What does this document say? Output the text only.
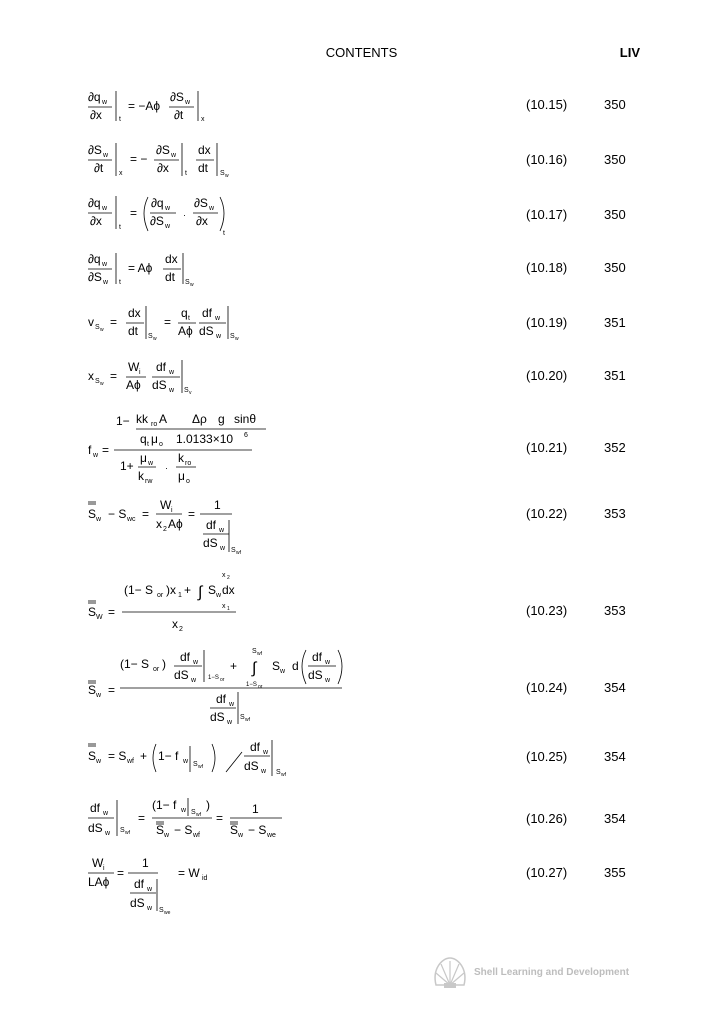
CONTENTS	LIV
∂q w
∂x t
= −Aϕ
∂S w
∂t	x
(10.15)	350
∂S w
∂t x
= −
∂S w
∂x t
dx
dt S w
(10.16)	350
∂q w
∂x t
=
∂q w
∂S w
·
∂S w
∂x
t
(10.17)	350
∂q w
∂S w t
= Aϕ
dx
dt S w
(10.18)	350
v S w
=
dx
dt S w
=
q t
Aϕ
df w
dS w S w
(10.19)	351
x S w
=
W i
Aϕ
df w
dS w S v
(10.20)	351
1− kk ro A Δρ g sinθ
q t μ o 1.0133×10 6
f w =
1+
μ w
k rw
·
k ro
μ o
(10.21)	352
S w − S wc =
W i
x 2 Aϕ
=
1
df w
dS w S wf
(10.22)	353
x 2
(1− S or )x 1 + ∫ S w dx
x 1
S W =
x 2
(10.23)	353
S wf
(1− S or ) df w
dS w 1−S or
+ ∫
1−S or
S w d
df w
dS w
S w =
df w
dS w
S wf
(10.24)	354
S w = S wf + 1− f w S wf
df w
dS w S wf
(10.25)	354
df w
dS w S wf
=
(1− f w S wf
)
S w − S wf
=
1
S w − S we
(10.26)	354
W i
LAϕ
=
1
df w
dS w S we
= W id	(10.27)	355
Shell Learning and Development
